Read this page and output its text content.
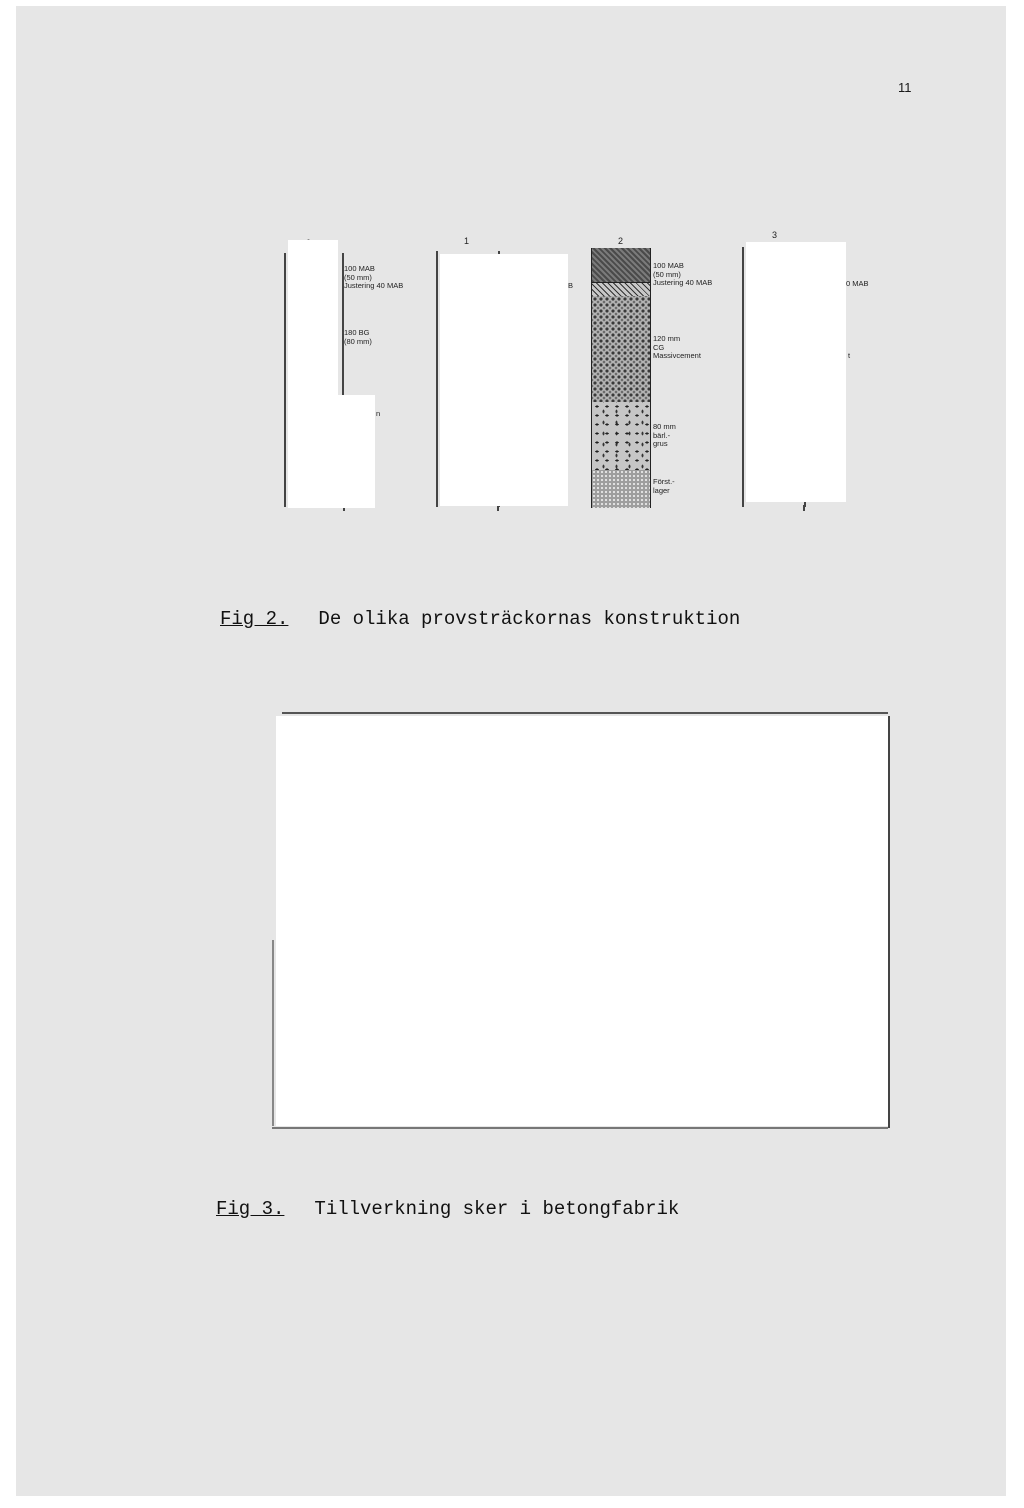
11
1	2
3
100 MAB
(50 mm)
Justering 40 MAB
180 BG
(80 mm)
n
B
100 MAB
(50 mm)
Justering 40 MAB
120 mm
CG
Massivcement
80 mm
bärl.-
grus
Först.-
lager
0 MAB
t
Fig 2. De olika provsträckornas konstruktion
Fig 3. Tillverkning sker i betongfabrik
